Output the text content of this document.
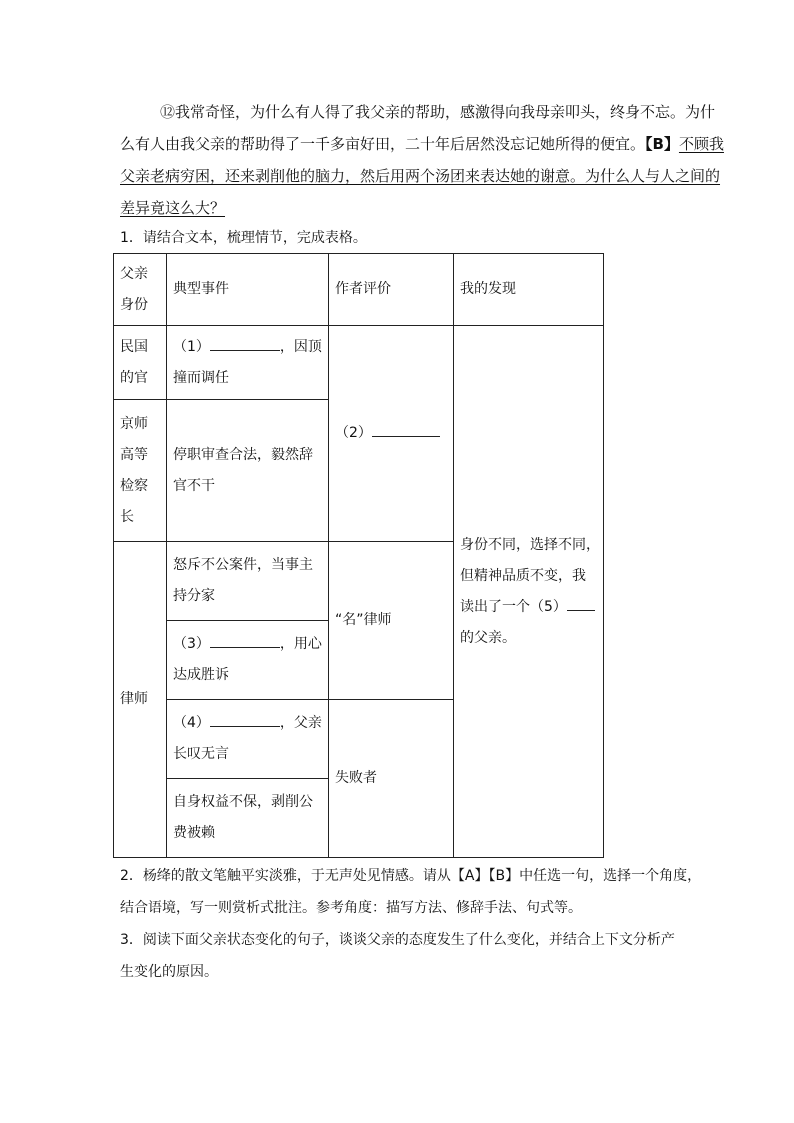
⑫我常奇怪，为什么有人得了我父亲的帮助，感激得向我母亲叩头，终身不忘。为什

么有人由我父亲的帮助得了一千多亩好田，二十年后居然没忘记她所得的便宜。【B】不顾我

父亲老病穷困，还来剥削他的脑力，然后用两个汤团来表达她的谢意。为什么人与人之间的

差异竟这么大？

1．请结合文本，梳理情节，完成表格。
父亲
身份	典型事件	作者评价	我的发现

民国
的官	（1） ，因顶
撞而调任	（2）	身份不同，选择不同，
但精神品质不变，我
读出了一个（5）
的父亲。

京师
高等
检察
长	停职审查合法，毅然辞
官不干		

律师	怒斥不公案件，当事主
持分家	“名”律师	

	（3） ，用心
达成胜诉		

	（4） ，父亲
长叹无言	失败者	

	自身权益不保，剥削公
费被赖		
2．杨绛的散文笔触平实淡雅，于无声处见情感。请从【A】【B】中任选一句，选择一个角度，
结合语境，写一则赏析式批注。参考角度：描写方法、修辞手法、句式等。
3．阅读下面父亲状态变化的句子，谈谈父亲的态度发生了什么变化，并结合上下文分析产
生变化的原因。
